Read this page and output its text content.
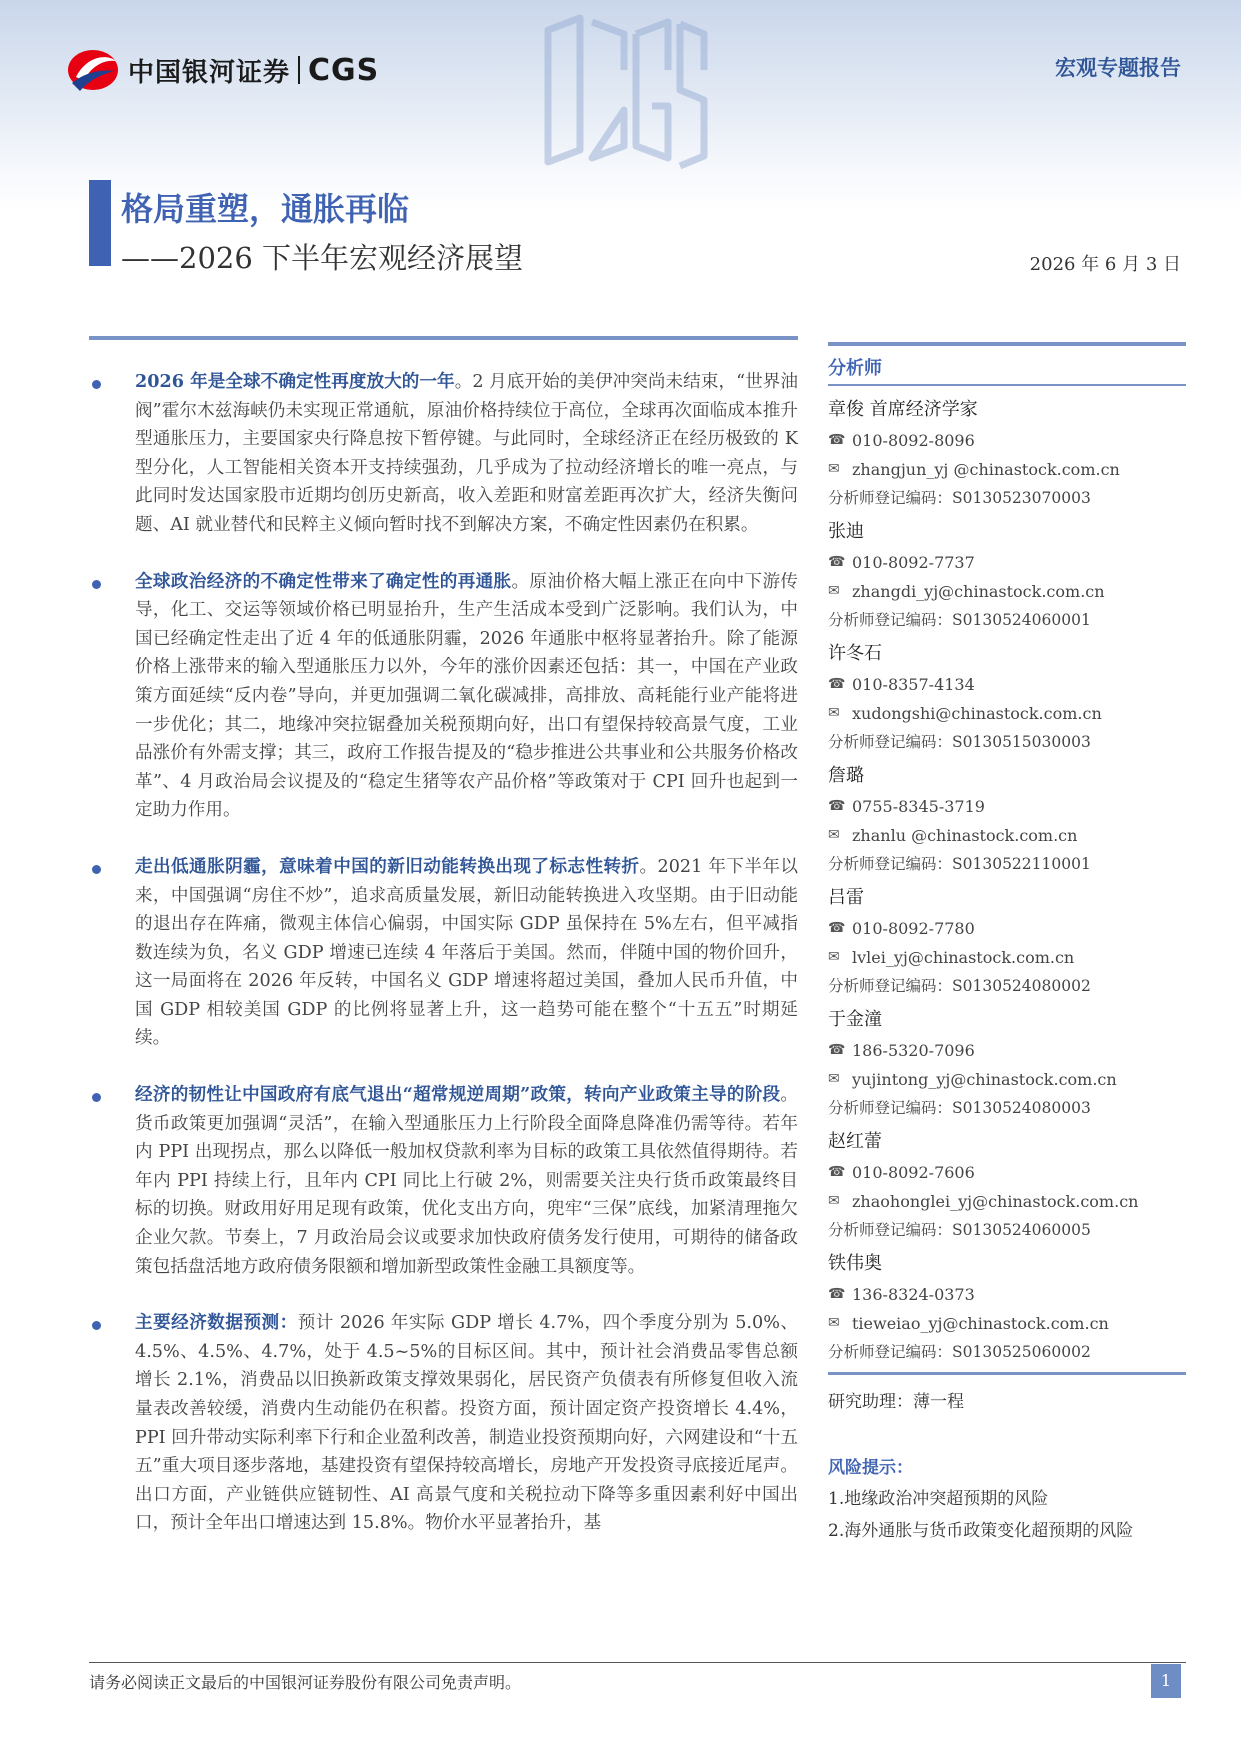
中国银河证券 CGS	宏观专题报告
格局重塑，通胀再临
——2026 下半年宏观经济展望	2026 年 6 月 3 日
2026 年是全球不确定性再度放大的一年。2 月底开始的美伊冲突尚未结束，“世界油阀”霍尔木兹海峡仍未实现正常通航，原油价格持续位于高位，全球再次面临成本推升型通胀压力，主要国家央行降息按下暂停键。与此同时，全球经济正在经历极致的 K 型分化，人工智能相关资本开支持续强劲，几乎成为了拉动经济增长的唯一亮点，与此同时发达国家股市近期均创历史新高，收入差距和财富差距再次扩大，经济失衡问题、AI 就业替代和民粹主义倾向暂时找不到解决方案，不确定性因素仍在积累。
全球政治经济的不确定性带来了确定性的再通胀。原油价格大幅上涨正在向中下游传导，化工、交运等领域价格已明显抬升，生产生活成本受到广泛影响。我们认为，中国已经确定性走出了近 4 年的低通胀阴霾，2026 年通胀中枢将显著抬升。除了能源价格上涨带来的输入型通胀压力以外，今年的涨价因素还包括：其一，中国在产业政策方面延续“反内卷”导向，并更加强调二氧化碳减排，高排放、高耗能行业产能将进一步优化；其二，地缘冲突拉锯叠加关税预期向好，出口有望保持较高景气度，工业品涨价有外需支撑；其三，政府工作报告提及的“稳步推进公共事业和公共服务价格改革”、4 月政治局会议提及的“稳定生猪等农产品价格”等政策对于 CPI 回升也起到一定助力作用。
走出低通胀阴霾，意味着中国的新旧动能转换出现了标志性转折。2021 年下半年以来，中国强调“房住不炒”，追求高质量发展，新旧动能转换进入攻坚期。由于旧动能的退出存在阵痛，微观主体信心偏弱，中国实际 GDP 虽保持在 5%左右，但平减指数连续为负，名义 GDP 增速已连续 4 年落后于美国。然而，伴随中国的物价回升，这一局面将在 2026 年反转，中国名义 GDP 增速将超过美国，叠加人民币升值，中国 GDP 相较美国 GDP 的比例将显著上升，这一趋势可能在整个“十五五”时期延续。
经济的韧性让中国政府有底气退出“超常规逆周期”政策，转向产业政策主导的阶段。货币政策更加强调“灵活”，在输入型通胀压力上行阶段全面降息降准仍需等待。若年内 PPI 出现拐点，那么以降低一般加权贷款利率为目标的政策工具依然值得期待。若年内 PPI 持续上行，且年内 CPI 同比上行破 2%，则需要关注央行货币政策最终目标的切换。财政用好用足现有政策，优化支出方向，兜牢“三保”底线，加紧清理拖欠企业欠款。节奏上，7 月政治局会议或要求加快政府债务发行使用，可期待的储备政策包括盘活地方政府债务限额和增加新型政策性金融工具额度等。
主要经济数据预测：预计 2026 年实际 GDP 增长 4.7%，四个季度分别为 5.0%、4.5%、4.5%、4.7%，处于 4.5~5%的目标区间。其中，预计社会消费品零售总额增长 2.1%，消费品以旧换新政策支撑效果弱化，居民资产负债表有所修复但收入流量表改善较缓，消费内生动能仍在积蓄。投资方面，预计固定资产投资增长 4.4%，PPI 回升带动实际利率下行和企业盈利改善，制造业投资预期向好，六网建设和“十五五”重大项目逐步落地，基建投资有望保持较高增长，房地产开发投资寻底接近尾声。出口方面，产业链供应链韧性、AI 高景气度和关税拉动下降等多重因素利好中国出口，预计全年出口增速达到 15.8%。物价水平显著抬升，基
分析师
章俊 首席经济学家
☎ 010-8092-8096
✉ zhangjun_yj @chinastock.com.cn
分析师登记编码：S0130523070003
张迪
☎ 010-8092-7737
✉ zhangdi_yj@chinastock.com.cn
分析师登记编码：S0130524060001
许冬石
☎ 010-8357-4134
✉ xudongshi@chinastock.com.cn
分析师登记编码：S0130515030003
詹璐
☎ 0755-8345-3719
✉ zhanlu @chinastock.com.cn
分析师登记编码：S0130522110001
吕雷
☎ 010-8092-7780
✉ lvlei_yj@chinastock.com.cn
分析师登记编码：S0130524080002
于金潼
☎ 186-5320-7096
✉ yujintong_yj@chinastock.com.cn
分析师登记编码：S0130524080003
赵红蕾
☎ 010-8092-7606
✉ zhaohonglei_yj@chinastock.com.cn
分析师登记编码：S0130524060005
铁伟奥
☎ 136-8324-0373
✉ tieweiao_yj@chinastock.com.cn
分析师登记编码：S0130525060002
研究助理：薄一程
风险提示：
1.地缘政治冲突超预期的风险
2.海外通胀与货币政策变化超预期的风险
请务必阅读正文最后的中国银河证券股份有限公司免责声明。	1
